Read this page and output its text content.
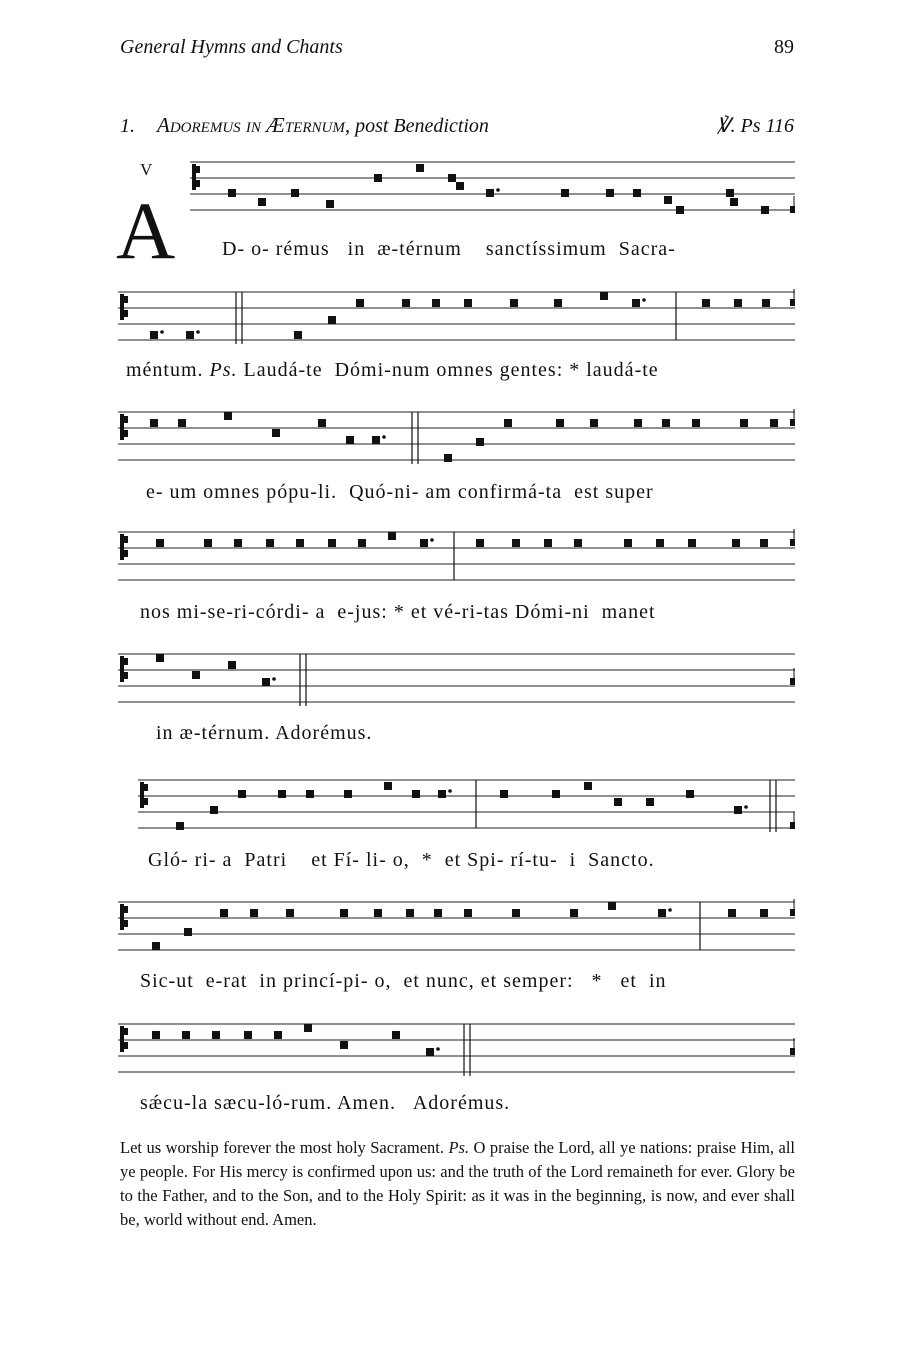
General Hymns and Chants	89
1. Adoremus in Æternum, post Benediction	℣. Ps 116
V
A D- o- rémus   in  æ-térnum    sanctíssimum  Sacra-
méntum. Ps. Laudá-te  Dómi-num omnes gentes: * laudá-te
e- um omnes pópu-li.  Quó-ni- am confirmá-ta  est super
nos mi-se-ri-córdi- a  e-jus: * et vé-ri-tas Dómi-ni  manet
in æ-térnum. Adorémus.
Gló- ri- a  Patri    et Fí- li- o,  *  et Spi- rí-tu-  i  Sancto.
Sic-ut  e-rat  in princí-pi- o,  et nunc, et semper:   *   et  in
sǽcu-la sæcu-ló-rum. Amen.   Adorémus.
Let us worship forever the most holy Sacrament. Ps. O praise the Lord, all ye nations: praise Him, all ye people. For His mercy is confirmed upon us: and the truth of the Lord remaineth for ever. Glory be to the Father, and to the Son, and to the Holy Spirit: as it was in the beginning, is now, and ever shall be, world without end. Amen.
